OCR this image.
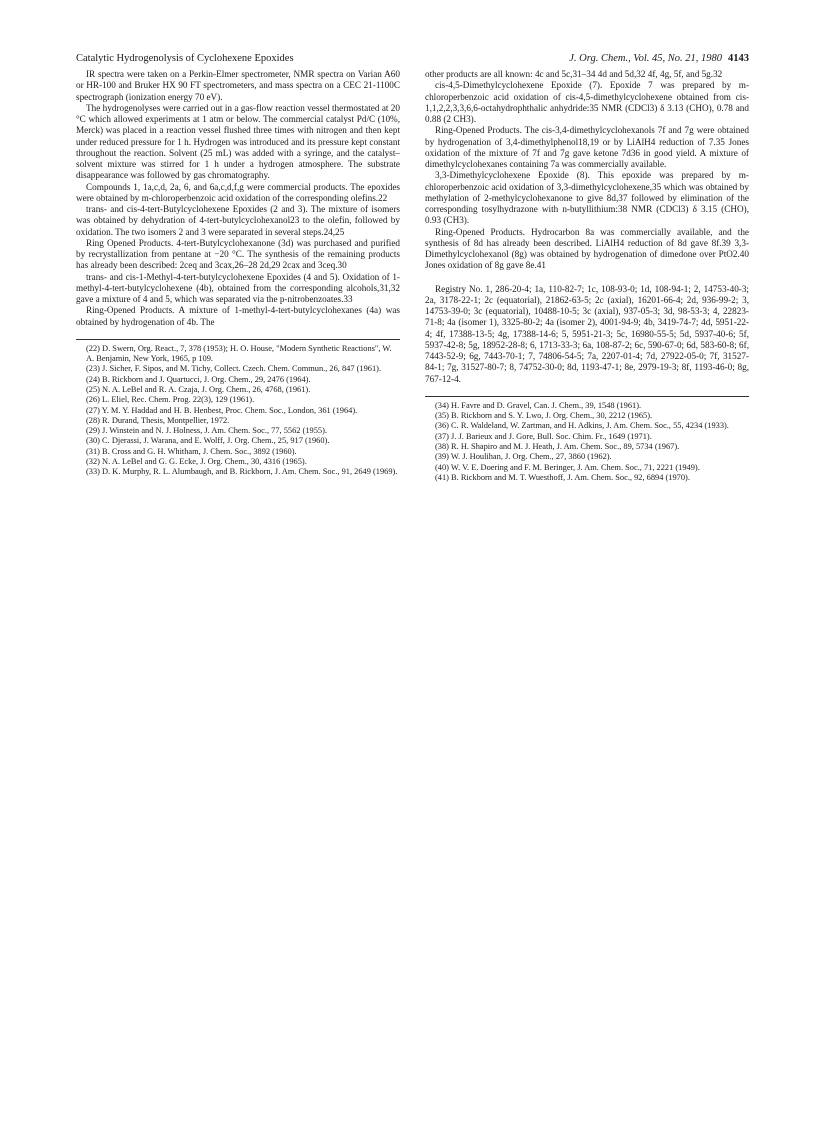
Catalytic Hydrogenolysis of Cyclohexene Epoxides	J. Org. Chem., Vol. 45, No. 21, 1980 4143

IR spectra were taken on a Perkin-Elmer spectrometer, NMR spectra on Varian A60 or HR-100 and Bruker HX 90 FT spectrometers, and mass spectra on a CEC 21-1100C spectrograph (ionization energy 70 eV).

The hydrogenolyses were carried out in a gas-flow reaction vessel thermostated at 20 °C which allowed experiments at 1 atm or below. The commercial catalyst Pd/C (10%, Merck) was placed in a reaction vessel flushed three times with nitrogen and then kept under reduced pressure for 1 h. Hydrogen was introduced and its pressure kept constant throughout the reaction. Solvent (25 mL) was added with a syringe, and the catalyst–solvent mixture was stirred for 1 h under a hydrogen atmosphere. The substrate disappearance was followed by gas chromatography.

Compounds 1, 1a,c,d, 2a, 6, and 6a,c,d,f,g were commercial products. The epoxides were obtained by m-chloroperbenzoic acid oxidation of the corresponding olefins.22

trans- and cis-4-tert-Butylcyclohexene Epoxides (2 and 3). The mixture of isomers was obtained by dehydration of 4-tert-butylcyclohexanol23 to the olefin, followed by oxidation. The two isomers 2 and 3 were separated in several steps.24,25

Ring Opened Products. 4-tert-Butylcyclohexanone (3d) was purchased and purified by recrystallization from pentane at −20 °C. The synthesis of the remaining products has already been described: 2ceq and 3cax,26–28 2d,29 2cax and 3ceq.30

trans- and cis-1-Methyl-4-tert-butylcyclohexene Epoxides (4 and 5). Oxidation of 1-methyl-4-tert-butylcyclohexene (4b), obtained from the corresponding alcohols,31,32 gave a mixture of 4 and 5, which was separated via the p-nitrobenzoates.33

Ring-Opened Products. A mixture of 1-methyl-4-tert-butylcyclohexanes (4a) was obtained by hydrogenation of 4b. The

(22) D. Swern, Org. React., 7, 378 (1953); H. O. House, "Modern Synthetic Reactions", W. A. Benjamin, New York, 1965, p 109.
(23) J. Sicher, F. Sipos, and M. Tichy, Collect. Czech. Chem. Commun., 26, 847 (1961).
(24) B. Rickborn and J. Quartucci, J. Org. Chem., 29, 2476 (1964).
(25) N. A. LeBel and R. A. Czaja, J. Org. Chem., 26, 4768, (1961).
(26) L. Eliel, Rec. Chem. Prog. 22(3), 129 (1961).
(27) Y. M. Y. Haddad and H. B. Henbest, Proc. Chem. Soc., London, 361 (1964).
(28) R. Durand, Thesis, Montpellier, 1972.
(29) J. Winstein and N. J. Holness, J. Am. Chem. Soc., 77, 5562 (1955).
(30) C. Djerassi, J. Warana, and E. Wolff, J. Org. Chem., 25, 917 (1960).
(31) B. Cross and G. H. Whitham, J. Chem. Soc., 3892 (1960).
(32) N. A. LeBel and G. G. Ecke, J. Org. Chem., 30, 4316 (1965).
(33) D. K. Murphy, R. L. Alumbaugh, and B. Rickborn, J. Am. Chem. Soc., 91, 2649 (1969).

other products are all known: 4c and 5c,31–34 4d and 5d,32 4f, 4g, 5f, and 5g.32

cis-4,5-Dimethylcyclohexene Epoxide (7). Epoxide 7 was prepared by m-chloroperbenzoic acid oxidation of cis-4,5-dimethylcyclohexene obtained from cis-1,1,2,2,3,3,6,6-octahydrophthalic anhydride:35 NMR (CDCl3) δ 3.13 (CHO), 0.78 and 0.88 (2 CH3).

Ring-Opened Products. The cis-3,4-dimethylcyclohexanols 7f and 7g were obtained by hydrogenation of 3,4-dimethylphenol18,19 or by LiAlH4 reduction of 7.35 Jones oxidation of the mixture of 7f and 7g gave ketone 7d36 in good yield. A mixture of dimethylcyclohexanes containing 7a was commercially available.

3,3-Dimethylcyclohexene Epoxide (8). This epoxide was prepared by m-chloroperbenzoic acid oxidation of 3,3-dimethylcyclohexene,35 which was obtained by methylation of 2-methylcyclohexanone to give 8d,37 followed by elimination of the corresponding tosylhydrazone with n-butyllithium:38 NMR (CDCl3) δ 3.15 (CHO), 0.93 (CH3).

Ring-Opened Products. Hydrocarbon 8a was commercially available, and the synthesis of 8d has already been described. LiAlH4 reduction of 8d gave 8f.39 3,3-Dimethylcyclohexanol (8g) was obtained by hydrogenation of dimedone over PtO2.40 Jones oxidation of 8g gave 8e.41

Registry No. 1, 286-20-4; 1a, 110-82-7; 1c, 108-93-0; 1d, 108-94-1; 2, 14753-40-3; 2a, 3178-22-1; 2c (equatorial), 21862-63-5; 2c (axial), 16201-66-4; 2d, 936-99-2; 3, 14753-39-0; 3c (equatorial), 10488-10-5; 3c (axial), 937-05-3; 3d, 98-53-3; 4, 22823-71-8; 4a (isomer 1), 3325-80-2; 4a (isomer 2), 4001-94-9; 4b, 3419-74-7; 4d, 5951-22-4; 4f, 17388-13-5; 4g, 17388-14-6; 5, 5951-21-3; 5c, 16980-55-5; 5d, 5937-40-6; 5f, 5937-42-8; 5g, 18952-28-8; 6, 1713-33-3; 6a, 108-87-2; 6c, 590-67-0; 6d, 583-60-8; 6f, 7443-52-9; 6g, 7443-70-1; 7, 74806-54-5; 7a, 2207-01-4; 7d, 27922-05-0; 7f, 31527-84-1; 7g, 31527-80-7; 8, 74752-30-0; 8d, 1193-47-1; 8e, 2979-19-3; 8f, 1193-46-0; 8g, 767-12-4.

(34) H. Favre and D. Gravel, Can. J. Chem., 39, 1548 (1961).
(35) B. Rickborn and S. Y. Lwo, J. Org. Chem., 30, 2212 (1965).
(36) C. R. Waldeland, W. Zartman, and H. Adkins, J. Am. Chem. Soc., 55, 4234 (1933).
(37) J. J. Barieux and J. Gore, Bull. Soc. Chim. Fr., 1649 (1971).
(38) R. H. Shapiro and M. J. Heath, J. Am. Chem. Soc., 89, 5734 (1967).
(39) W. J. Houlihan, J. Org. Chem., 27, 3860 (1962).
(40) W. V. E. Doering and F. M. Beringer, J. Am. Chem. Soc., 71, 2221 (1949).
(41) B. Rickborn and M. T. Wuesthoff, J. Am. Chem. Soc., 92, 6894 (1970).
